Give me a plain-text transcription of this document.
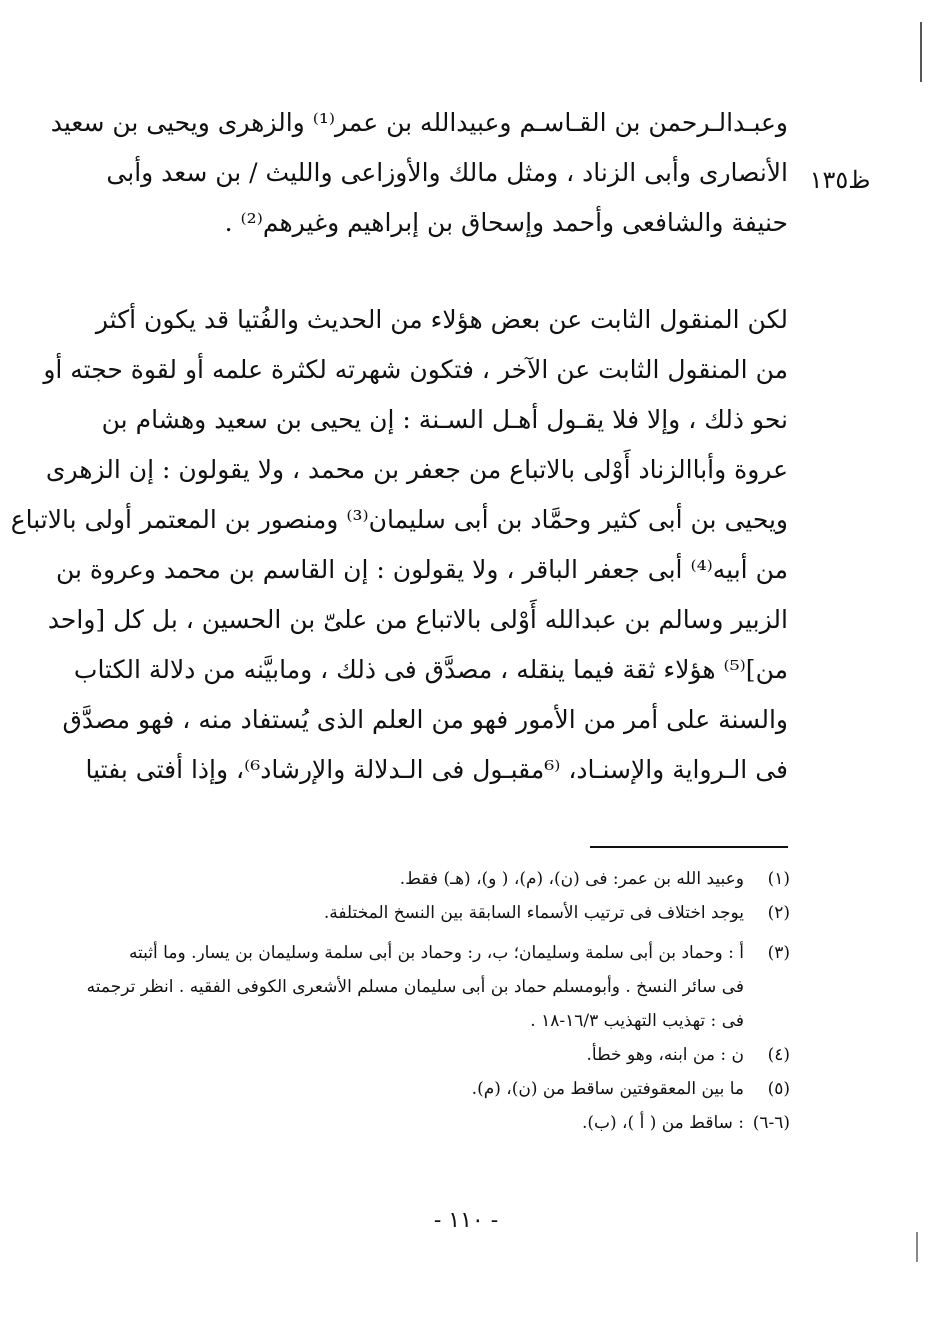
ظ١٣٥
وعبـدالـرحمن بن القـاسـم وعبيدالله بن عمر⁽¹⁾ والزهرى ويحيى بن سعيد
الأنصارى وأبى الزناد ، ومثل مالك والأوزاعى والليث / بن سعد وأبى
حنيفة والشافعى وأحمد وإسحاق بن إبراهيم وغيرهم⁽²⁾ .
لكن المنقول الثابت عن بعض هؤلاء من الحديث والفُتيا قد يكون أكثر
من المنقول الثابت عن الآخر ، فتكون شهرته لكثرة علمه أو لقوة حجته أو
نحو ذلك ، وإلا فلا يقـول أهـل السـنة : إن يحيى بن سعيد وهشام بن
عروة وأباالزناد أَوْلى بالاتباع من جعفر بن محمد ، ولا يقولون : إن الزهرى
ويحيى بن أبى كثير وحمَّاد بن أبى سليمان⁽³⁾ ومنصور بن المعتمر أولى بالاتباع
من أبيه⁽⁴⁾ أبى جعفر الباقر ، ولا يقولون : إن القاسم بن محمد وعروة بن
الزبير وسالم بن عبدالله أَوْلى بالاتباع من علىّ بن الحسين ، بل كل [واحد
من]⁽⁵⁾ هؤلاء ثقة فيما ينقله ، مصدَّق فى ذلك ، ومابيَّنه من دلالة الكتاب
والسنة على أمر من الأمور فهو من العلم الذى يُستفاد منه ، فهو مصدَّق
فى الـرواية والإسنـاد، ⁽⁶مقبـول فى الـدلالة والإرشاد⁶⁾، وإذا أفتى بفتيا
(١)
وعبيد الله بن عمر: فى (ن)، (م)، ( و)، (هـ) فقط.
(٢)
يوجد اختلاف فى ترتيب الأسماء السابقة بين النسخ المختلفة.
(٣)
أ : وحماد بن أبى سلمة وسليمان؛ ب، ر: وحماد بن أبى سلمة وسليمان بن يسار. وما أثبته
فى سائر النسخ . وأبومسلم حماد بن أبى سليمان مسلم الأشعرى الكوفى الفقيه . انظر ترجمته
فى : تهذيب التهذيب ١٦/٣-١٨ .
(٤)
ن : من ابنه، وهو خطأ.
(٥)
ما بين المعقوفتين ساقط من (ن)، (م).
(٦-٦)
: ساقط من ( أ )، (ب).
- ١١٠ -
